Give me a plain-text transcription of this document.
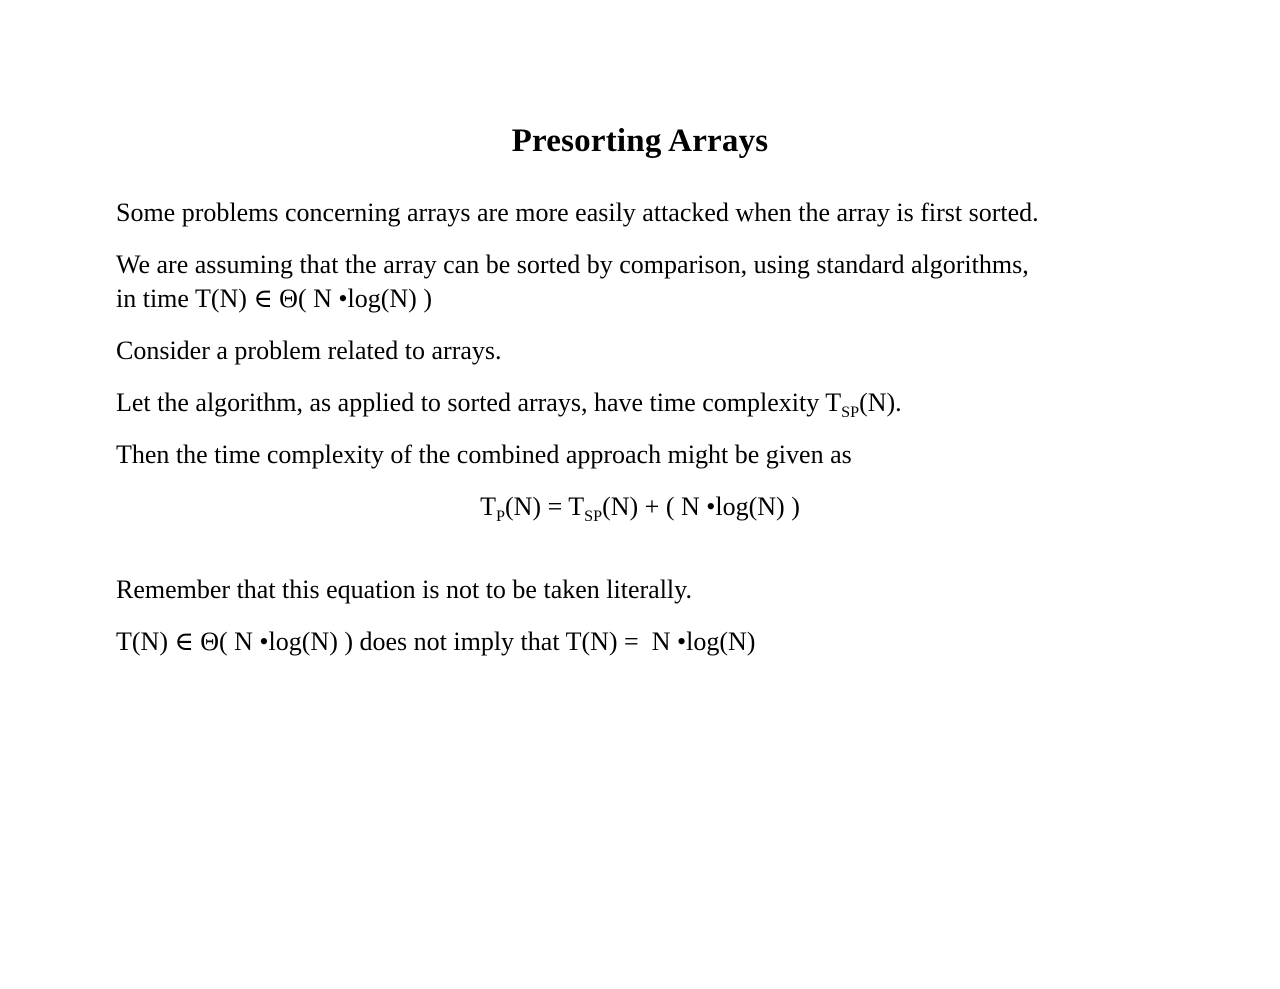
Presorting Arrays

Some problems concerning arrays are more easily attacked when the array is first sorted.

We are assuming that the array can be sorted by comparison, using standard algorithms,
in time T(N) ∈ Θ( N •log(N) )

Consider a problem related to arrays.

Let the algorithm, as applied to sorted arrays, have time complexity $T_{SP}(N)$.

Then the time complexity of the combined approach might be given as

$T_P(N) = T_{SP}(N)$ + ( N •log(N) )

Remember that this equation is not to be taken literally.

T(N) ∈ Θ( N •log(N) ) does not imply that T(N) =  N •log(N)
